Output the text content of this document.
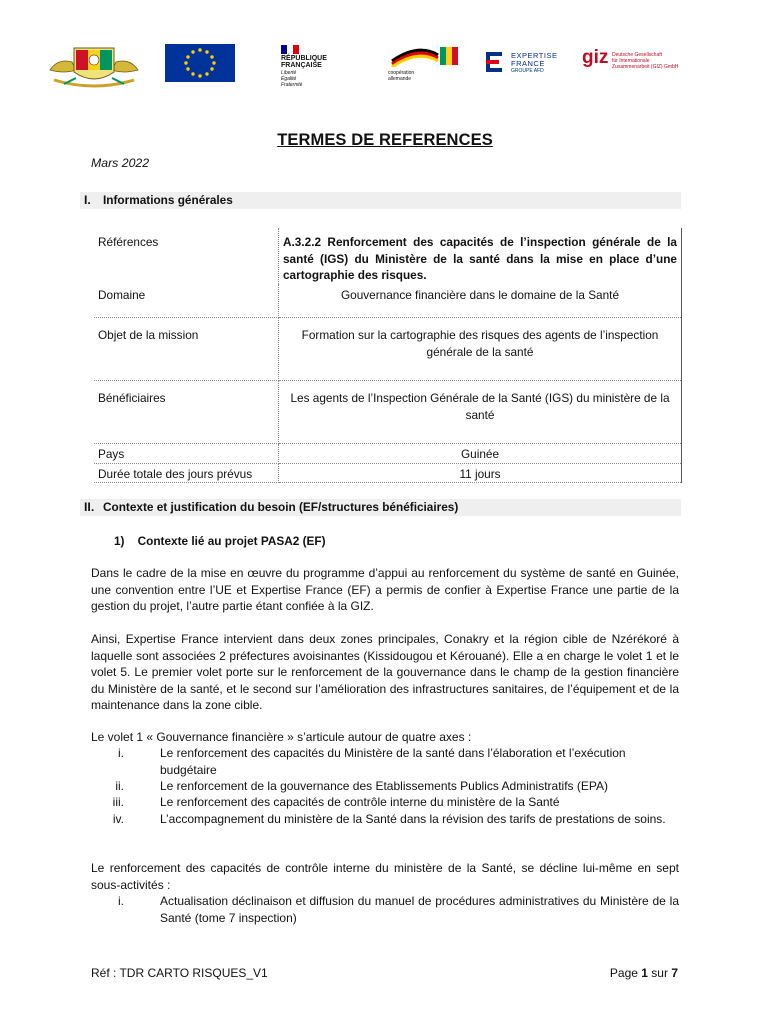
RÉPUBLIQUE
FRANÇAISE
Liberté
Égalité
Fraternité
coopération
allemande
EXPERTISE
FRANCE
GROUPE AFD
giz Deutsche Gesellschaft
für Internationale
Zusammenarbeit (GIZ) GmbH
TERMES DE REFERENCES
Mars 2022
I. Informations générales
Références	A.3.2.2 Renforcement des capacités de l’inspection générale de la santé (IGS) du Ministère de la santé dans la mise en place d’une cartographie des risques.
Domaine	Gouvernance financière dans le domaine de la Santé
Objet de la mission	Formation sur la cartographie des risques des agents de l’inspection générale de la santé
Bénéficiaires	Les agents de l’Inspection Générale de la Santé (IGS) du ministère de la santé
Pays	Guinée
Durée totale des jours prévus	11 jours
II. Contexte et justification du besoin (EF/structures bénéficiaires)
1)    Contexte lié au projet PASA2 (EF)
Dans le cadre de la mise en œuvre du programme d’appui au renforcement du système de santé en Guinée, une convention entre l’UE et Expertise France (EF) a permis de confier à Expertise France une partie de la gestion du projet, l’autre partie étant confiée à la GIZ.
Ainsi, Expertise France intervient dans deux zones principales, Conakry et la région cible de Nzérékoré à laquelle sont associées 2 préfectures avoisinantes (Kissidougou et Kérouané). Elle a en charge le volet 1 et le volet 5. Le premier volet porte sur le renforcement de la gouvernance dans le champ de la gestion financière du Ministère de la santé, et le second sur l’amélioration des infrastructures sanitaires, de l’équipement et de la maintenance dans la zone cible.
Le volet 1 « Gouvernance financière » s’articule autour de quatre axes :
i.	Le renforcement des capacités du Ministère de la santé dans l’élaboration et l’exécution budgétaire
ii.	Le renforcement de la gouvernance des Etablissements Publics Administratifs (EPA)
iii.	Le renforcement des capacités de contrôle interne du ministère de la Santé
iv.	L’accompagnement du ministère de la Santé dans la révision des tarifs de prestations de soins.
Le renforcement des capacités de contrôle interne du ministère de la Santé, se décline lui-même en sept sous-activités :
i.	Actualisation déclinaison et diffusion du manuel de procédures administratives du Ministère de la Santé (tome 7 inspection)
Réf : TDR CARTO RISQUES_V1	Page 1 sur 7
